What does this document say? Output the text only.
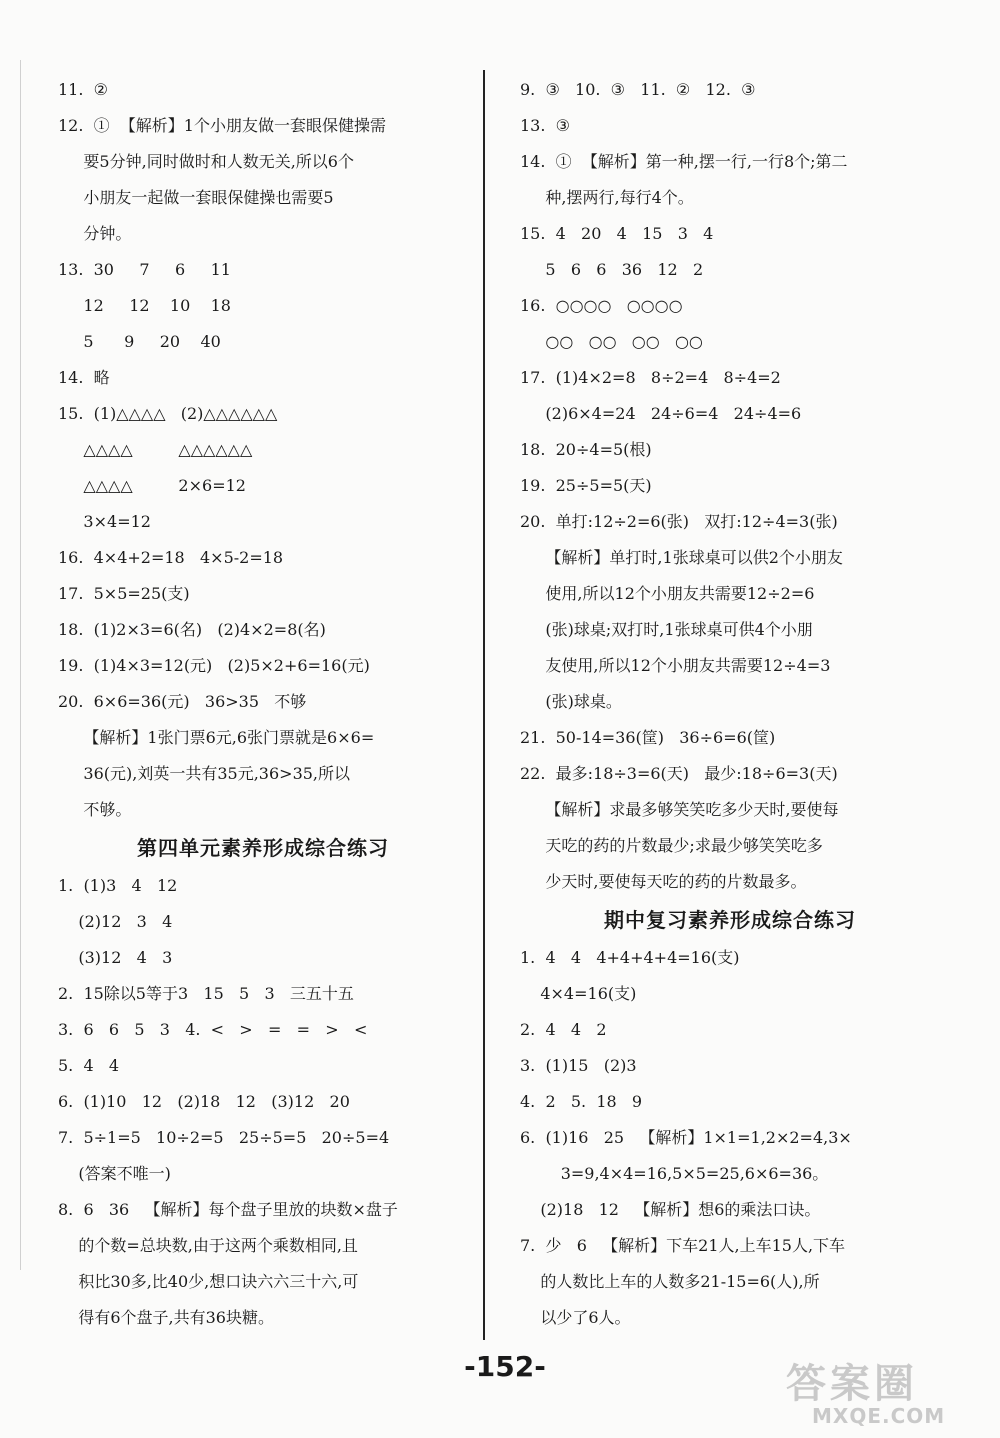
11.  ②
12.  ①  【解析】1个小朋友做一套眼保健操需
要5分钟,同时做时和人数无关,所以6个
小朋友一起做一套眼保健操也需要5
分钟。
13.  30     7     6     11
12     12    10    18
5      9     20    40
14.  略
15.  (1)△△△△   (2)△△△△△△
△△△△         △△△△△△
△△△△         2×6=12
3×4=12
16.  4×4+2=18   4×5-2=18
17.  5×5=25(支)
18.  (1)2×3=6(名)   (2)4×2=8(名)
19.  (1)4×3=12(元)   (2)5×2+6=16(元)
20.  6×6=36(元)   36>35   不够
【解析】1张门票6元,6张门票就是6×6=
36(元),刘英一共有35元,36>35,所以
不够。
第四单元素养形成综合练习
1.  (1)3   4   12
(2)12   3   4
(3)12   4   3
2.  15除以5等于3   15   5   3   三五十五
3.  6   6   5   3   4.  <   >   =   =   >   <
5.  4   4
6.  (1)10   12   (2)18   12   (3)12   20
7.  5÷1=5   10÷2=5   25÷5=5   20÷5=4
(答案不唯一)
8.  6   36   【解析】每个盘子里放的块数×盘子
的个数=总块数,由于这两个乘数相同,且
积比30多,比40少,想口诀六六三十六,可
得有6个盘子,共有36块糖。
9.  ③   10.  ③   11.  ②   12.  ③
13.  ③
14.  ①  【解析】第一种,摆一行,一行8个;第二
种,摆两行,每行4个。
15.  4   20   4   15   3   4
5   6   6   36   12   2
16.  ○○○○   ○○○○
○○   ○○   ○○   ○○
17.  (1)4×2=8   8÷2=4   8÷4=2
(2)6×4=24   24÷6=4   24÷4=6
18.  20÷4=5(根)
19.  25÷5=5(天)
20.  单打:12÷2=6(张)   双打:12÷4=3(张)
【解析】单打时,1张球桌可以供2个小朋友
使用,所以12个小朋友共需要12÷2=6
(张)球桌;双打时,1张球桌可供4个小朋
友使用,所以12个小朋友共需要12÷4=3
(张)球桌。
21.  50-14=36(筐)   36÷6=6(筐)
22.  最多:18÷3=6(天)   最少:18÷6=3(天)
【解析】求最多够笑笑吃多少天时,要使每
天吃的药的片数最少;求最少够笑笑吃多
少天时,要使每天吃的药的片数最多。
期中复习素养形成综合练习
1.  4   4   4+4+4+4=16(支)
4×4=16(支)
2.  4   4   2
3.  (1)15   (2)3
4.  2   5.  18   9
6.  (1)16   25   【解析】1×1=1,2×2=4,3×
3=9,4×4=16,5×5=25,6×6=36。
(2)18   12   【解析】想6的乘法口诀。
7.  少   6   【解析】下车21人,上车15人,下车
的人数比上车的人数多21-15=6(人),所
以少了6人。
-152-	答案圈
MXQE.COM
